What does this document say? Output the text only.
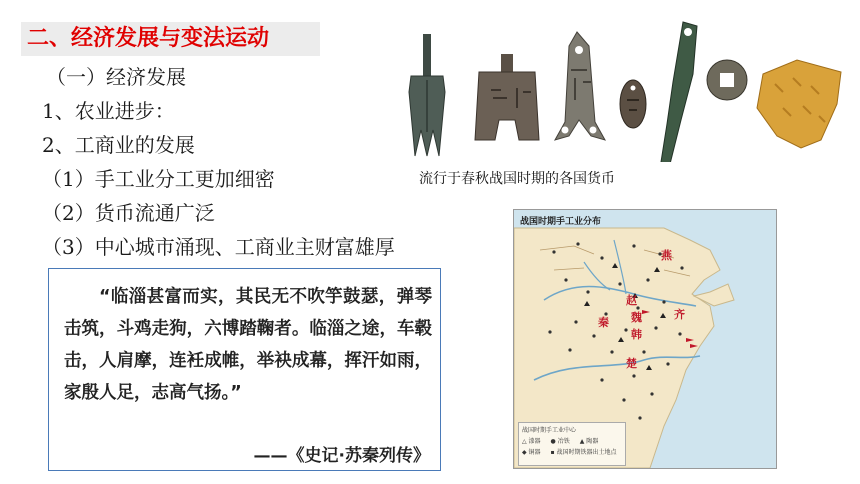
二、经济发展与变法运动
（一）经济发展
1、农业进步：
2、工商业的发展
（1）手工业分工更加细密
（2）货币流通广泛
（3）中心城市涌现、工商业主财富雄厚
流行于春秋战国时期的各国货币
“临淄甚富而实，其民无不吹竽鼓瑟，弹琴击筑，斗鸡走狗，六博踏鞠者。临淄之途，车毂击，人肩摩，连衽成帷，举袂成幕，挥汗如雨，家殷人足，志高气扬。”
——《史记·苏秦列传》
战国时期手工业分布
燕
赵
魏	齐
韩
秦
楚
战国时期手工业中心
△ 漆器 ● 冶铁 ▲ 陶器
◆ 铜器 ▪ 战国时期铁器出土地点
